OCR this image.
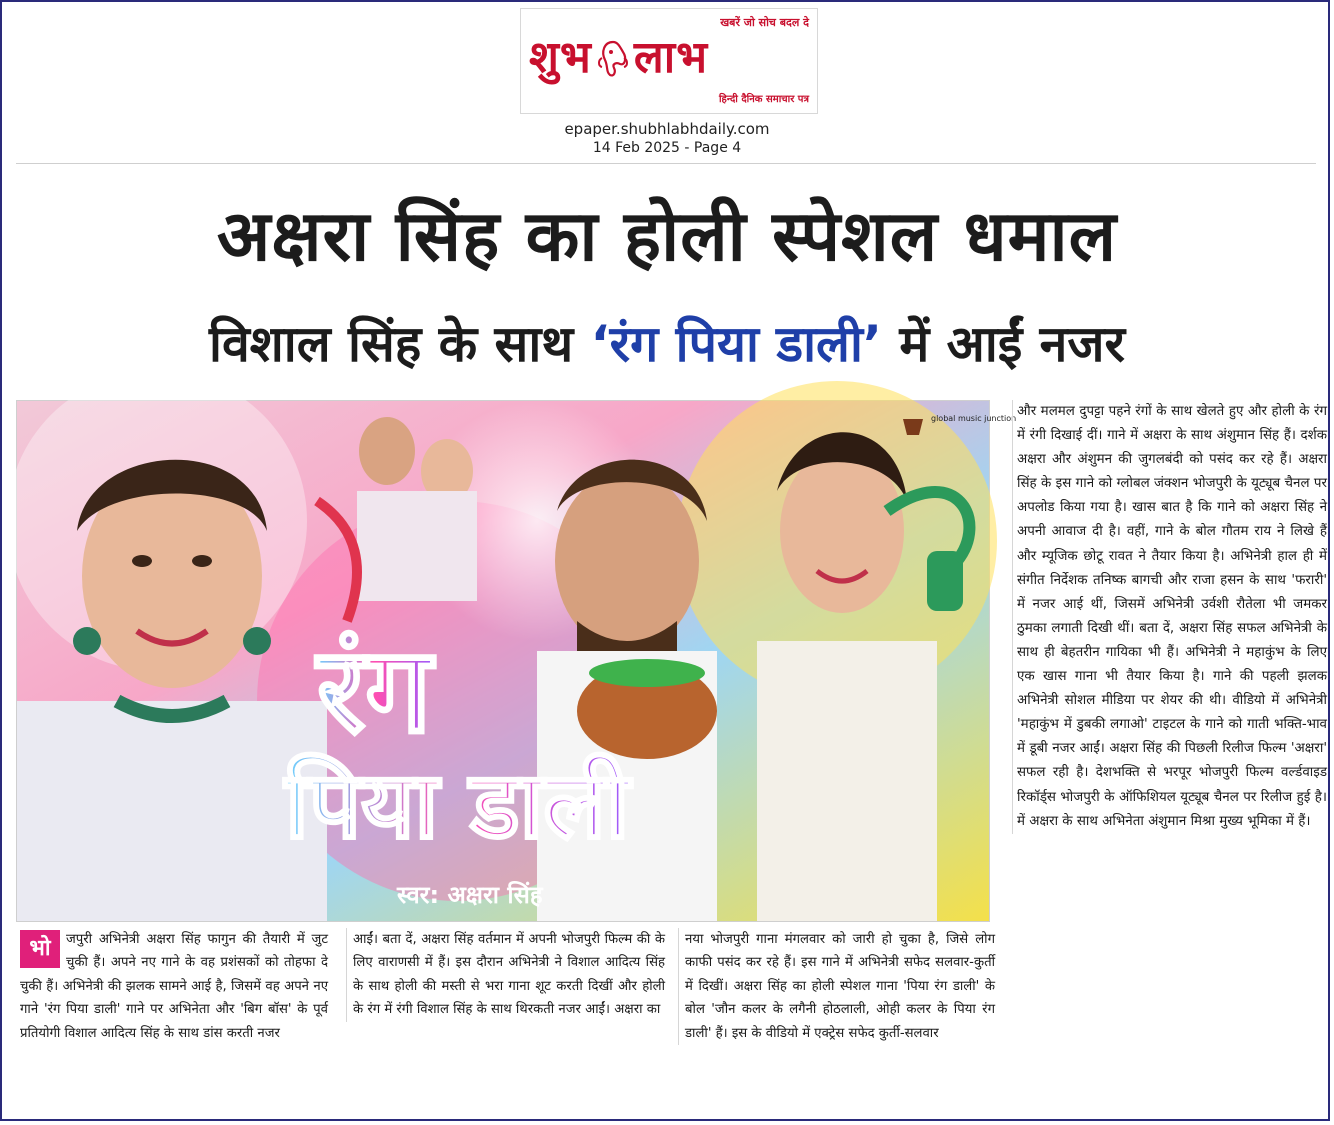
खबरें जो सोच बदल दे
शुभ लाभ
हिन्दी दैनिक समाचार पत्र
epaper.shubhlabhdaily.com
14 Feb 2025 - Page 4
अक्षरा सिंह का होली स्पेशल धमाल
विशाल सिंह के साथ ‘रंग पिया डाली’ में आईं नजर
global music junction
रंग
पिया डाली
स्वर: अक्षरा सिंह
और मलमल दुपट्टा पहने रंगों के साथ खेलते हुए और होली के रंग में रंगी दिखाई दीं। गाने में अक्षरा के साथ अंशुमान सिंह हैं। दर्शक अक्षरा और अंशुमन की जुगलबंदी को पसंद कर रहे हैं। अक्षरा सिंह के इस गाने को ग्लोबल जंक्शन भोजपुरी के यूट्यूब चैनल पर अपलोड किया गया है। खास बात है कि गाने को अक्षरा सिंह ने अपनी आवाज दी है। वहीं, गाने के बोल गौतम राय ने लिखे हैं और म्यूजिक छोटू रावत ने तैयार किया है। अभिनेत्री हाल ही में संगीत निर्देशक तनिष्क बागची और राजा हसन के साथ 'फरारी' में नजर आई थीं, जिसमें अभिनेत्री उर्वशी रौतेला भी जमकर ठुमका लगाती दिखी थीं। बता दें, अक्षरा सिंह सफल अभिनेत्री के साथ ही बेहतरीन गायिका भी हैं। अभिनेत्री ने महाकुंभ के लिए एक खास गाना भी तैयार किया है। गाने की पहली झलक अभिनेत्री सोशल मीडिया पर शेयर की थी। वीडियो में अभिनेत्री 'महाकुंभ में डुबकी लगाओ' टाइटल के गाने को गाती भक्ति-भाव में डूबी नजर आईं। अक्षरा सिंह की पिछली रिलीज फिल्म 'अक्षरा' सफल रही है। देशभक्ति से भरपूर भोजपुरी फिल्म वर्ल्डवाइड रिकॉर्ड्स भोजपुरी के ऑफिशियल यूट्यूब चैनल पर रिलीज हुई है। में अक्षरा के साथ अभिनेता अंशुमान मिश्रा मुख्य भूमिका में हैं।
भो	जपुरी अभिनेत्री अक्षरा सिंह फागुन की तैयारी में जुट चुकी हैं। अपने नए गाने के वह प्रशंसकों को तोहफा दे चुकी हैं। अभिनेत्री की झलक सामने आई है, जिसमें वह अपने नए गाने 'रंग पिया डाली' गाने पर अभिनेता और 'बिग बॉस' के पूर्व प्रतियोगी विशाल आदित्य सिंह के साथ डांस करती नजर
आईं। बता दें, अक्षरा सिंह वर्तमान में अपनी भोजपुरी फिल्म की के लिए वाराणसी में हैं। इस दौरान अभिनेत्री ने विशाल आदित्य सिंह के साथ होली की मस्ती से भरा गाना शूट करती दिखीं और होली के रंग में रंगी विशाल सिंह के साथ थिरकती नजर आईं। अक्षरा का
नया भोजपुरी गाना मंगलवार को जारी हो चुका है, जिसे लोग काफी पसंद कर रहे हैं। इस गाने में अभिनेत्री सफेद सलवार-कुर्ती में दिखीं। अक्षरा सिंह का होली स्पेशल गाना 'पिया रंग डाली' के बोल 'जौन कलर के लगैनी होठलाली, ओही कलर के पिया रंग डाली' हैं। इस के वीडियो में एक्ट्रेस सफेद कुर्ती-सलवार
